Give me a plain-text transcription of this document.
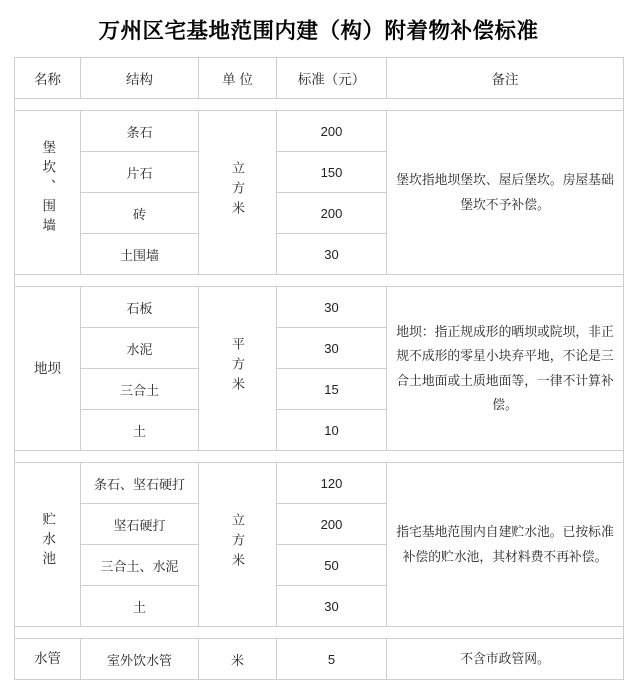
万州区宅基地范围内建（构）附着物补偿标准
名称	结构	单 位	标准（元）	备注

堡坎、围墙	条石	立方米	200	堡坎指地坝堡坎、屋后堡坎。房屋基础堡坎不予补偿。
	片石		150	
	砖		200	
	土围墙		30	

地坝	石板	平方米	30	地坝：指正规成形的晒坝或院坝，非正规不成形的零星小块弃平地，不论是三合土地面或土质地面等，一律不计算补偿。
	水泥		30	
	三合土		15	
	土		10	

贮水池	条石、坚石硬打	立方米	120	指宅基地范围内自建贮水池。已按标准补偿的贮水池，其材料费不再补偿。
	坚石硬打		200	
	三合土、水泥		50	
	土		30	

水管	室外饮水管	米	5	不含市政管网。
